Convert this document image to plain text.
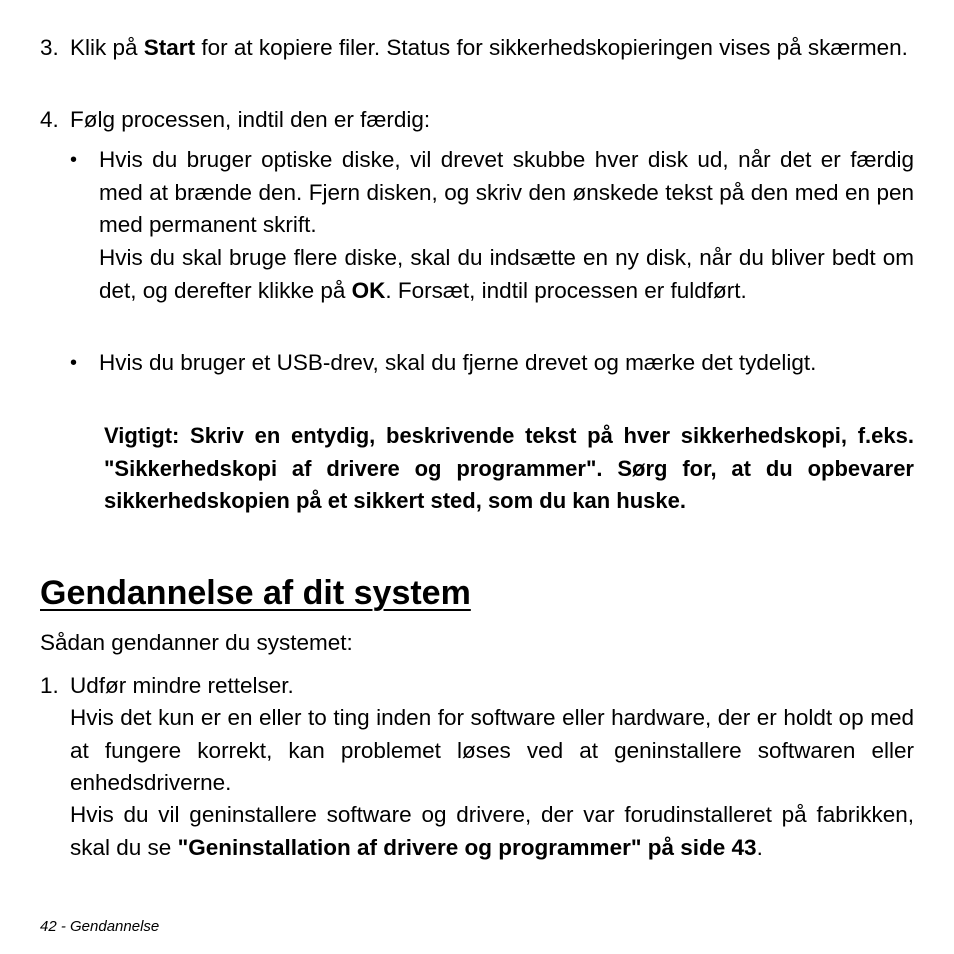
3. Klik på Start for at kopiere filer. Status for sikkerhedskopieringen vises på skærmen.

4. Følg processen, indtil den er færdig:

• Hvis du bruger optiske diske, vil drevet skubbe hver disk ud, når det er færdig med at brænde den. Fjern disken, og skriv den ønskede tekst på den med en pen med permanent skrift.

Hvis du skal bruge flere diske, skal du indsætte en ny disk, når du bliver bedt om det, og derefter klikke på OK. Forsæt, indtil processen er fuldført.

• Hvis du bruger et USB-drev, skal du fjerne drevet og mærke det tydeligt.

Vigtigt: Skriv en entydig, beskrivende tekst på hver sikkerhedskopi, f.eks. "Sikkerhedskopi af drivere og programmer". Sørg for, at du opbevarer sikkerhedskopien på et sikkert sted, som du kan huske.

Gendannelse af dit system

Sådan gendanner du systemet:

1. Udfør mindre rettelser.

Hvis det kun er en eller to ting inden for software eller hardware, der er holdt op med at fungere korrekt, kan problemet løses ved at geninstallere softwaren eller enhedsdriverne.

Hvis du vil geninstallere software og drivere, der var forudinstalleret på fabrikken, skal du se "Geninstallation af drivere og programmer" på side 43.

42 - Gendannelse
